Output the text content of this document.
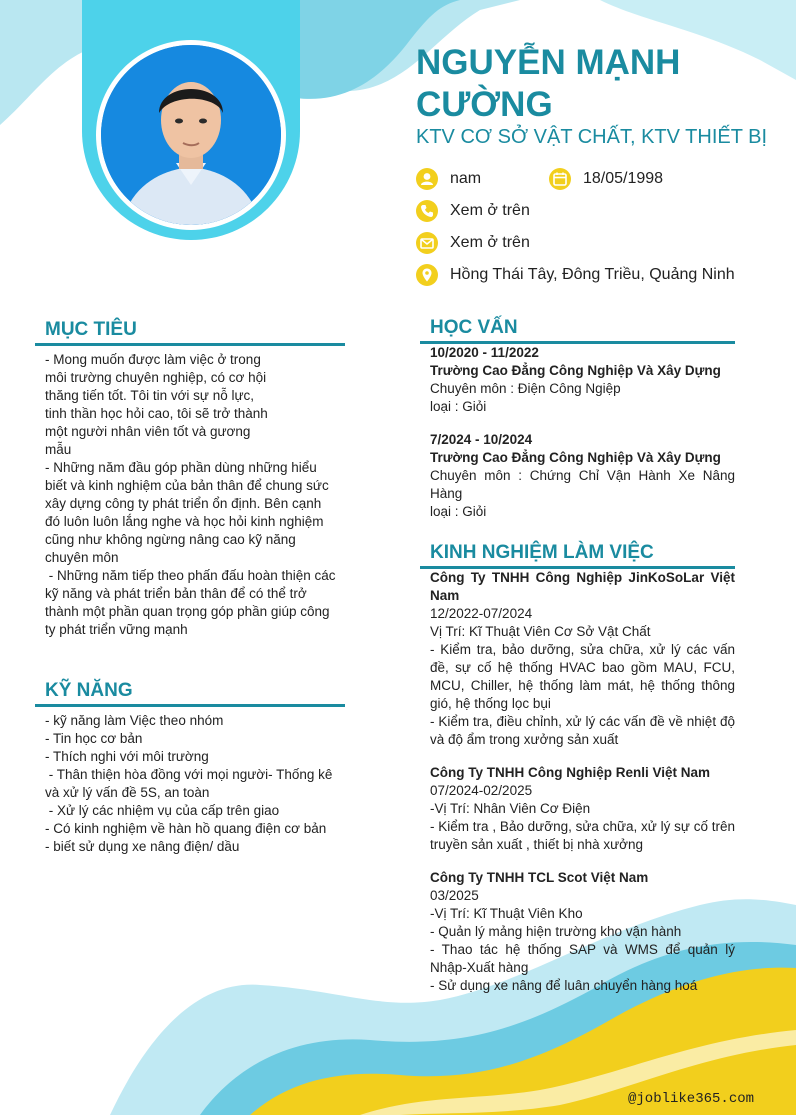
NGUYỄN MẠNH
CƯỜNG
KTV CƠ SỞ VẬT CHẤT, KTV THIẾT BỊ
nam	18/05/1998
Xem ở trên
Xem ở trên
Hồng Thái Tây, Đông Triều, Quảng Ninh
MỤC TIÊU
- Mong muốn được làm việc ở trong
môi trường chuyên nghiệp, có cơ hội
thăng tiến tốt. Tôi tin với sự nỗ lực,
tinh thần học hỏi cao, tôi sẽ trở thành
một người nhân viên tốt và gương
mẫu
- Những năm đầu góp phần dùng những hiểu
biết và kinh nghiệm của bản thân để chung sức
xây dựng công ty phát triển ổn định. Bên cạnh
đó luôn luôn lắng nghe và học hỏi kinh nghiệm
cũng như không ngừng nâng cao kỹ năng
chuyên môn
- Những năm tiếp theo phấn đấu hoàn thiện các
kỹ năng và phát triển bản thân để có thể trở
thành một phần quan trọng góp phần giúp công
ty phát triển vững mạnh
KỸ NĂNG
- kỹ năng làm Việc theo nhóm
- Tin học cơ bản
- Thích nghi với môi trường
- Thân thiện hòa đồng với mọi người- Thống kê
và xử lý vấn đề 5S, an toàn
- Xử lý các nhiệm vụ của cấp trên giao
- Có kinh nghiệm về hàn hồ quang điện cơ bản
- biết sử dụng xe nâng điện/ dầu
HỌC VẤN
10/2020 - 11/2022
Trường Cao Đẳng Công Nghiệp Và Xây Dựng
Chuyên môn : Điện Công Ngiệp
loại : Giỏi
7/2024 - 10/2024
Trường Cao Đẳng Công Nghiệp Và Xây Dựng
Chuyên môn : Chứng Chỉ Vận Hành Xe Nâng Hàng
loại : Giỏi
KINH NGHIỆM LÀM VIỆC
Công Ty TNHH Công Nghiệp JinKoSoLar Việt Nam
12/2022-07/2024
Vị Trí: Kĩ Thuật Viên Cơ Sở Vật Chất
- Kiểm tra, bảo dưỡng, sửa chữa, xử lý các vấn đề, sự cố hệ thống HVAC bao gồm MAU, FCU, MCU, Chiller, hệ thống làm mát, hệ thống thông gió, hệ thống lọc bụi
- Kiểm tra, điều chỉnh, xử lý các vấn đề về nhiệt độ và độ ẩm trong xưởng sản xuất
Công Ty TNHH Công Nghiệp Renli Việt Nam
07/2024-02/2025
-Vị Trí: Nhân Viên Cơ Điện
- Kiểm tra , Bảo dưỡng, sửa chữa, xử lý sự cố trên truyền sản xuất , thiết bị nhà xưởng
Công Ty TNHH TCL Scot Việt Nam
03/2025
-Vị Trí: Kĩ Thuật Viên Kho
- Quản lý mảng hiện trường kho vận hành
- Thao tác hệ thống SAP và WMS để quản lý Nhập-Xuất hàng
- Sử dụng xe nâng để luân chuyển hàng hoá
@joblike365.com
